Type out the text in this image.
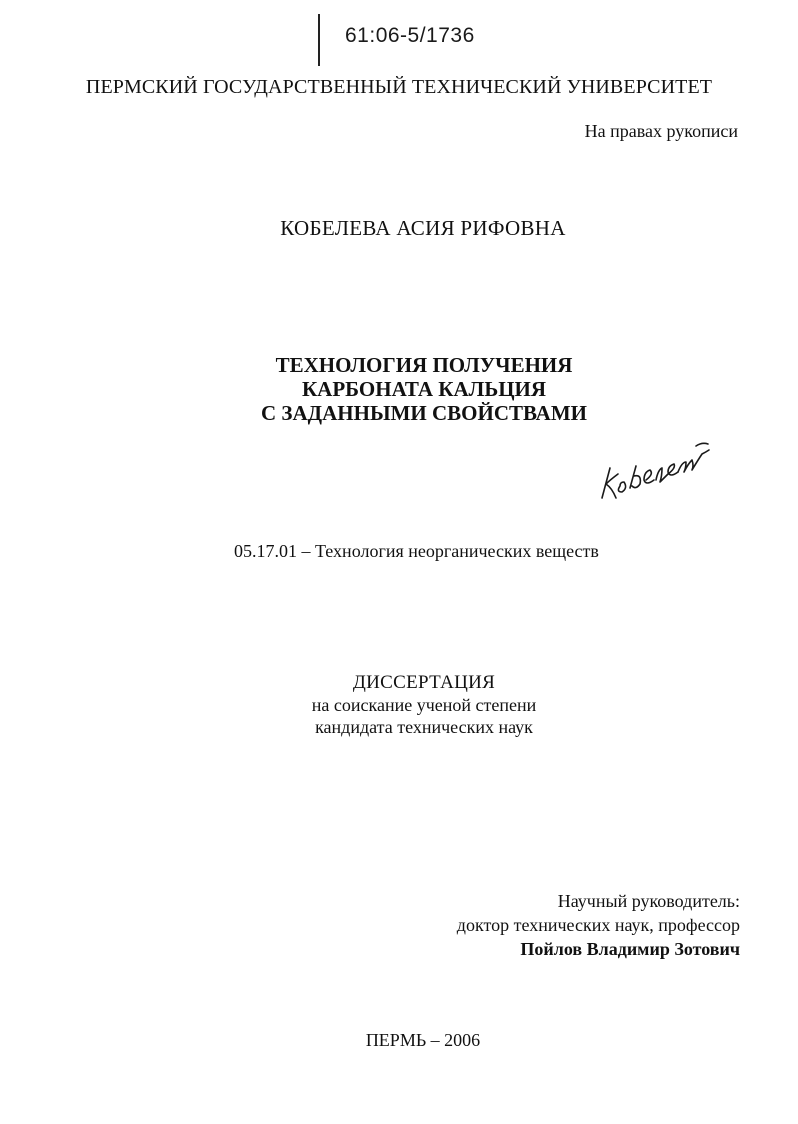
61:06-5/1736
ПЕРМСКИЙ ГОСУДАРСТВЕННЫЙ ТЕХНИЧЕСКИЙ УНИВЕРСИТЕТ
На правах рукописи
КОБЕЛЕВА АСИЯ РИФОВНА
ТЕХНОЛОГИЯ ПОЛУЧЕНИЯ
КАРБОНАТА КАЛЬЦИЯ
С ЗАДАННЫМИ СВОЙСТВАМИ
05.17.01 – Технология неорганических веществ
ДИССЕРТАЦИЯ
на соискание ученой степени
кандидата технических наук
Научный руководитель:
доктор технических наук, профессор
Пойлов Владимир Зотович
ПЕРМЬ – 2006
